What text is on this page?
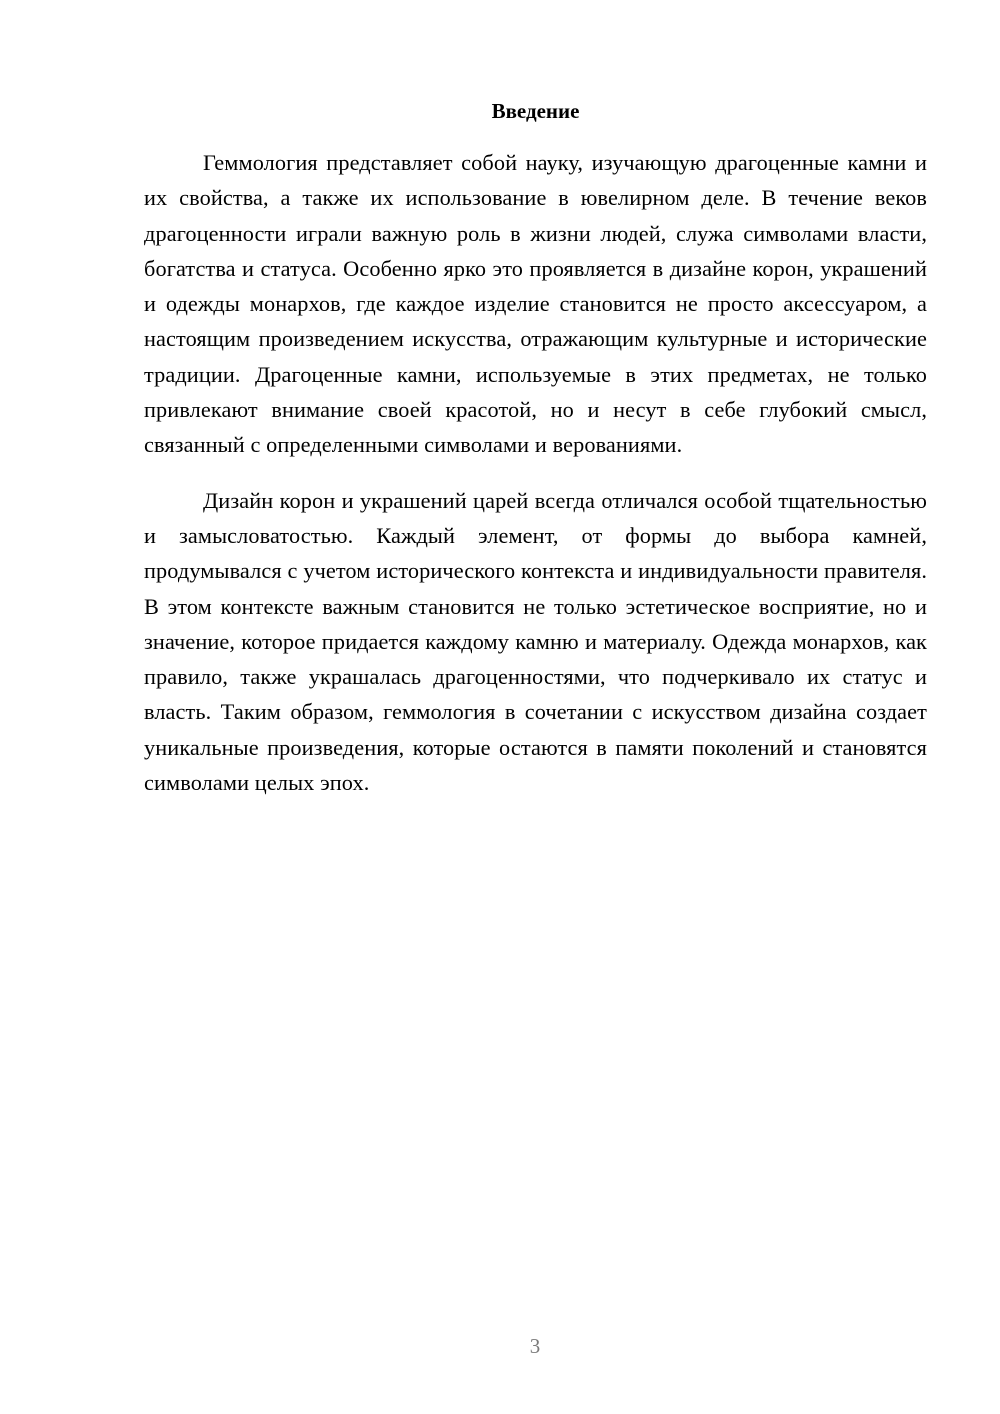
Введение

Геммология представляет собой науку, изучающую драгоценные камни и их свойства, а также их использование в ювелирном деле. В течение веков драгоценности играли важную роль в жизни людей, служа символами власти, богатства и статуса. Особенно ярко это проявляется в дизайне корон, украшений и одежды монархов, где каждое изделие становится не просто аксессуаром, а настоящим произведением искусства, отражающим культурные и исторические традиции. Драгоценные камни, используемые в этих предметах, не только привлекают внимание своей красотой, но и несут в себе глубокий смысл, связанный с определенными символами и верованиями.

Дизайн корон и украшений царей всегда отличался особой тщательностью и замысловатостью. Каждый элемент, от формы до выбора камней, продумывался с учетом исторического контекста и индивидуальности правителя. В этом контексте важным становится не только эстетическое восприятие, но и значение, которое придается каждому камню и материалу. Одежда монархов, как правило, также украшалась драгоценностями, что подчеркивало их статус и власть. Таким образом, геммология в сочетании с искусством дизайна создает уникальные произведения, которые остаются в памяти поколений и становятся символами целых эпох.

3
